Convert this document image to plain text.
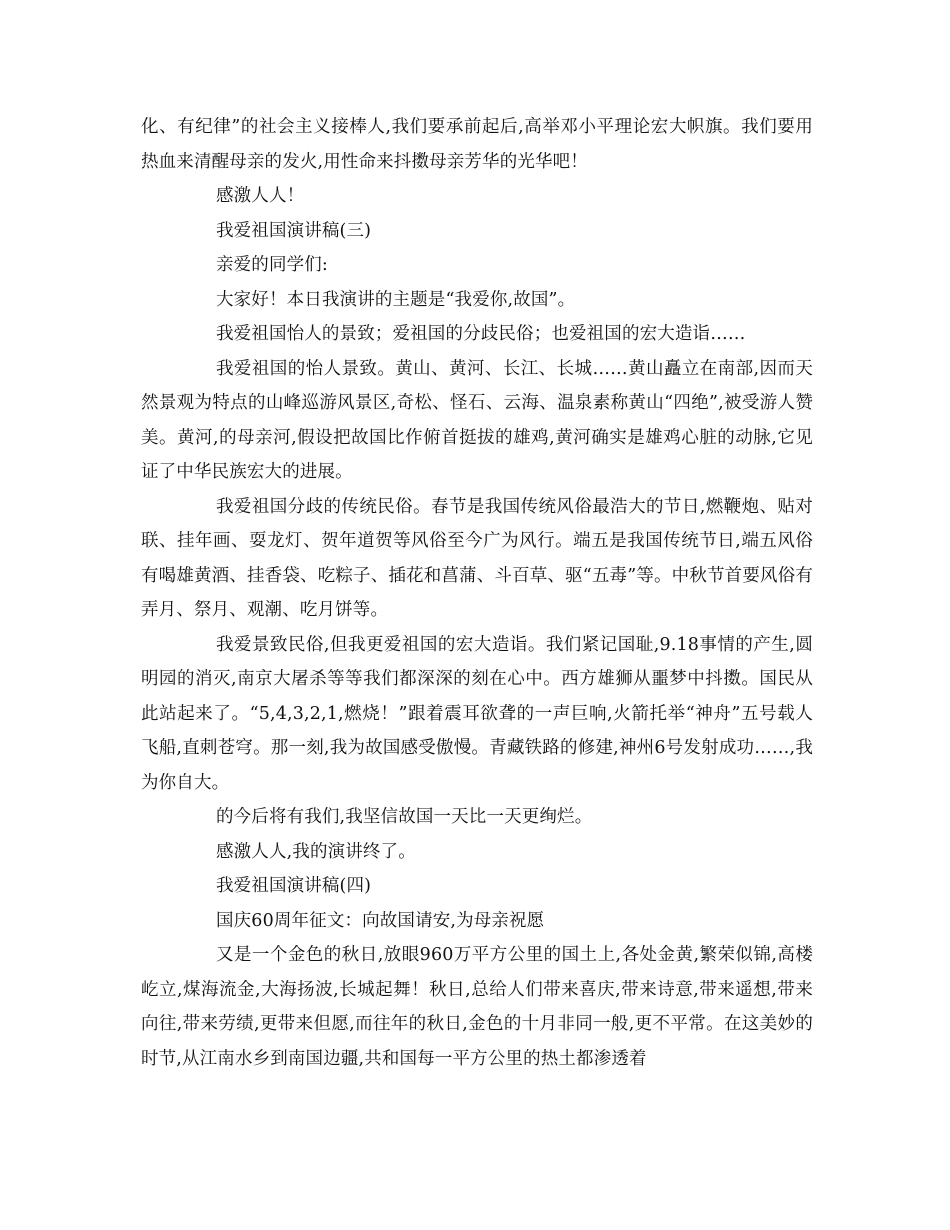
化、有纪律”的社会主义接棒人,我们要承前起后,高举邓小平理论宏大帜旗。我们要用热血来清醒母亲的发火,用性命来抖擞母亲芳华的光华吧！

感激人人！

我爱祖国演讲稿(三)

亲爱的同学们:

大家好！本日我演讲的主题是“我爱你,故国”。

我爱祖国怡人的景致；爱祖国的分歧民俗；也爱祖国的宏大造诣……

我爱祖国的怡人景致。黄山、黄河、长江、长城……黄山矗立在南部,因而天然景观为特点的山峰巡游风景区,奇松、怪石、云海、温泉素称黄山“四绝”,被受游人赞美。黄河,的母亲河,假设把故国比作俯首挺拔的雄鸡,黄河确实是雄鸡心脏的动脉,它见证了中华民族宏大的进展。

我爱祖国分歧的传统民俗。春节是我国传统风俗最浩大的节日,燃鞭炮、贴对联、挂年画、耍龙灯、贺年道贺等风俗至今广为风行。端五是我国传统节日,端五风俗有喝雄黄酒、挂香袋、吃粽子、插花和菖蒲、斗百草、驱“五毒”等。中秋节首要风俗有弄月、祭月、观潮、吃月饼等。

我爱景致民俗,但我更爱祖国的宏大造诣。我们紧记国耻,9.18事情的产生,圆明园的消灭,南京大屠杀等等我们都深深的刻在心中。西方雄狮从噩梦中抖擞。国民从此站起来了。“5,4,3,2,1,燃烧！”跟着震耳欲聋的一声巨响,火箭托举“神舟”五号载人飞船,直刺苍穹。那一刻,我为故国感受傲慢。青藏铁路的修建,神州6号发射成功……,我为你自大。

的今后将有我们,我坚信故国一天比一天更绚烂。

感激人人,我的演讲终了。

我爱祖国演讲稿(四)

国庆60周年征文：向故国请安,为母亲祝愿

又是一个金色的秋日,放眼960万平方公里的国土上,各处金黄,繁荣似锦,高楼屹立,煤海流金,大海扬波,长城起舞！秋日,总给人们带来喜庆,带来诗意,带来遥想,带来向往,带来劳绩,更带来但愿,而往年的秋日,金色的十月非同一般,更不平常。在这美妙的时节,从江南水乡到南国边疆,共和国每一平方公里的热土都渗透着
